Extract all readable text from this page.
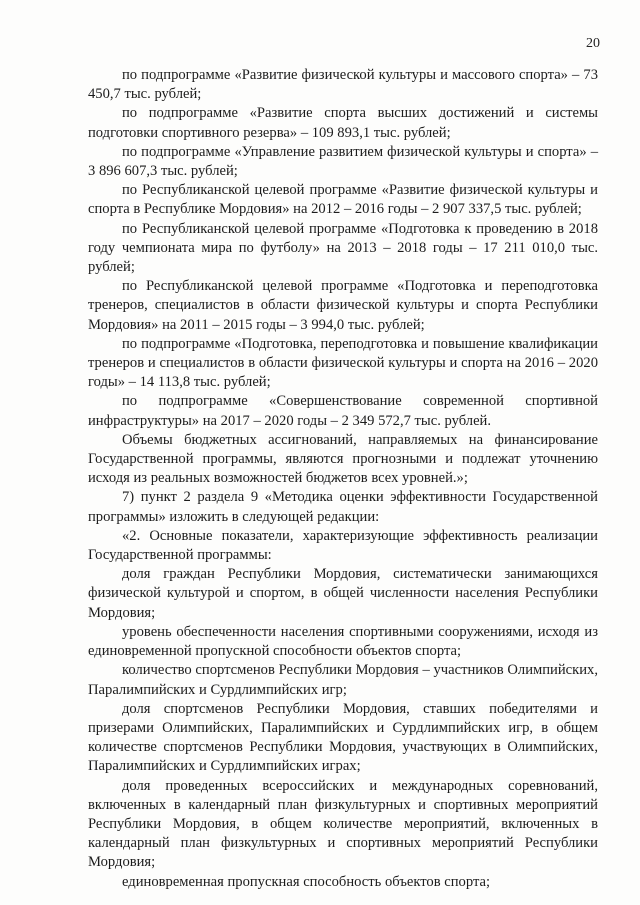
20

по подпрограмме «Развитие физической культуры и массового спорта» – 73 450,7 тыс. рублей;

по подпрограмме «Развитие спорта высших достижений и системы подготовки спортивного резерва» – 109 893,1 тыс. рублей;

по подпрограмме «Управление развитием физической культуры и спорта» – 3 896 607,3 тыс. рублей;

по Республиканской целевой программе «Развитие физической культуры и спорта в Республике Мордовия» на 2012 – 2016 годы – 2 907 337,5 тыс. рублей;

по Республиканской целевой программе «Подготовка к проведению в 2018 году чемпионата мира по футболу» на 2013 – 2018 годы – 17 211 010,0 тыс. рублей;

по Республиканской целевой программе «Подготовка и переподготовка тренеров, специалистов в области физической культуры и спорта Республики Мордовия» на 2011 – 2015 годы – 3 994,0 тыс. рублей;

по подпрограмме «Подготовка, переподготовка и повышение квалификации тренеров и специалистов в области физической культуры и спорта на 2016 – 2020 годы» – 14 113,8 тыс. рублей;

по подпрограмме «Совершенствование современной спортивной инфраструктуры» на 2017 – 2020 годы – 2 349 572,7 тыс. рублей.

Объемы бюджетных ассигнований, направляемых на финансирование Государственной программы, являются прогнозными и подлежат уточнению исходя из реальных возможностей бюджетов всех уровней.»;

7) пункт 2 раздела 9 «Методика оценки эффективности Государственной программы» изложить в следующей редакции:

«2. Основные показатели, характеризующие эффективность реализации Государственной программы:

доля граждан Республики Мордовия, систематически занимающихся физической культурой и спортом, в общей численности населения Республики Мордовия;

уровень обеспеченности населения спортивными сооружениями, исходя из единовременной пропускной способности объектов спорта;

количество спортсменов Республики Мордовия – участников Олимпийских, Паралимпийских и Сурдлимпийских игр;

доля спортсменов Республики Мордовия, ставших победителями и призерами Олимпийских, Паралимпийских и Сурдлимпийских игр, в общем количестве спортсменов Республики Мордовия, участвующих в Олимпийских, Паралимпийских и Сурдлимпийских играх;

доля проведенных всероссийских и международных соревнований, включенных в календарный план физкультурных и спортивных мероприятий Республики Мордовия, в общем количестве мероприятий, включенных в календарный план физкультурных и спортивных мероприятий Республики Мордовия;

единовременная пропускная способность объектов спорта;
